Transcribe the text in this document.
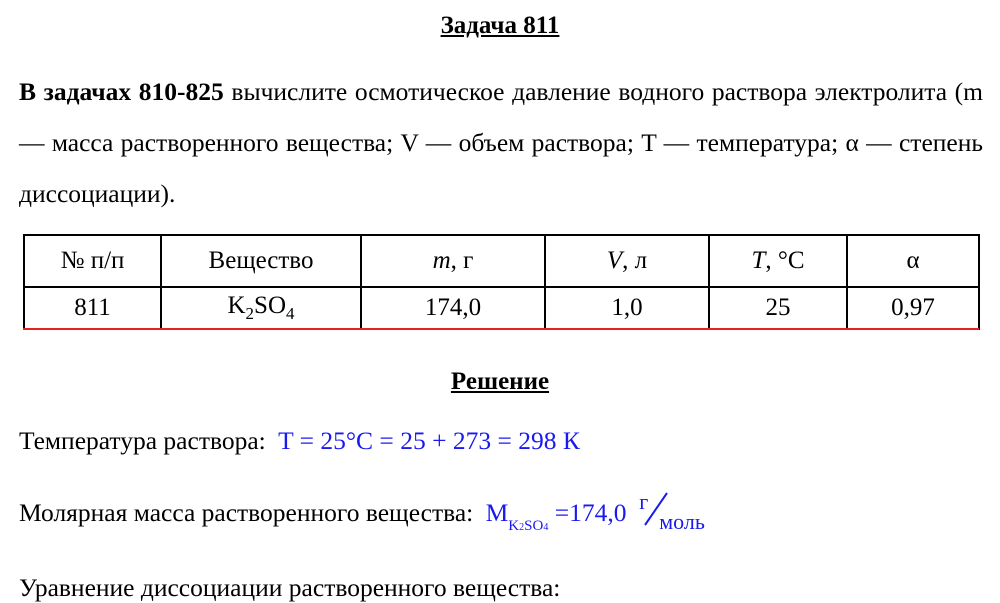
Задача 811
В задачах 810-825 вычислите осмотическое давление водного раствора электролита (m — масса растворенного вещества; V — объем раствора; T — температура; α — степень диссоциации).
№ п/п	Вещество	m, г	V, л	T, °С	α
811	$K_2SO_4$	174,0	1,0	25	0,97
Решение
Температура раствора: T = 25°C = 25 + 273 = 298 К
Молярная масса растворенного вещества: $M_{K2SO4} =174,0$ г
моль
Уравнение диссоциации растворенного вещества:
